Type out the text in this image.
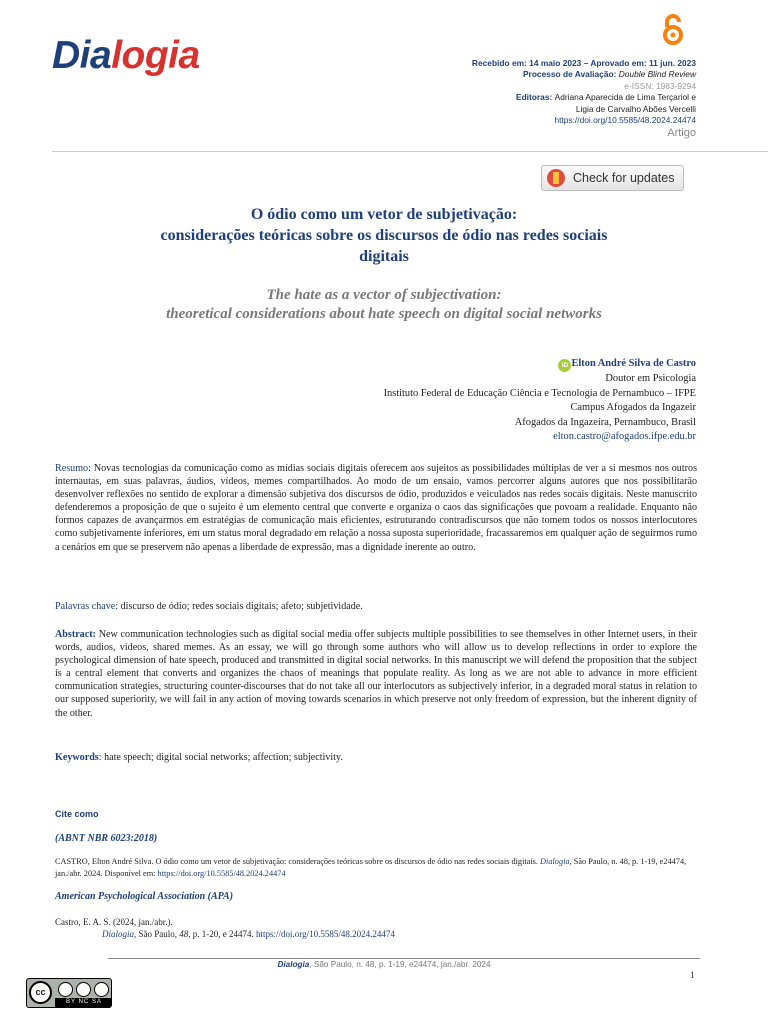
Dialogia	Recebido em: 14 maio 2023 – Aprovado em: 11 jun. 2023
Processo de Avaliação: Double Blind Review
e-ISSN: 1983-9294
Editoras: Adriana Aparecida de Lima Terçariol e
Ligia de Carvalho Abões Vercelli
https://doi.org/10.5585/48.2024.24474
Artigo
Check for updates
O ódio como um vetor de subjetivação:
considerações teóricas sobre os discursos de ódio nas redes sociais
digitais
The hate as a vector of subjectivation:
theoretical considerations about hate speech on digital social networks
iD Elton André Silva de Castro
Doutor em Psicologia
Instituto Federal de Educação Ciência e Tecnologia de Pernambuco – IFPE
Campus Afogados da Ingazeir
Afogados da Ingazeira, Pernambuco, Brasil
elton.castro@afogados.ifpe.edu.br
Resumo: Novas tecnologias da comunicação como as mídias sociais digitais oferecem aos sujeitos as possibilidades múltiplas de ver a si mesmos nos outros internautas, em suas palavras, áudios, vídeos, memes compartilhados. Ao modo de um ensaio, vamos percorrer alguns autores que nos possibilitarão desenvolver reflexões no sentido de explorar a dimensão subjetiva dos discursos de ódio, produzidos e veiculados nas redes socais digitais. Neste manuscrito defenderemos a proposição de que o sujeito é um elemento central que converte e organiza o caos das significações que povoam a realidade. Enquanto não formos capazes de avançarmos em estratégias de comunicação mais eficientes, estruturando contradiscursos que não tomem todos os nossos interlocutores como subjetivamente inferiores, em um status moral degradado em relação a nossa suposta superioridade, fracassaremos em qualquer ação de seguirmos rumo a cenários em que se preservem não apenas a liberdade de expressão, mas a dignidade inerente ao outro.
Palavras chave: discurso de ódio; redes sociais digitais; afeto; subjetividade.
Abstract: New communication technologies such as digital social media offer subjects multiple possibilities to see themselves in other Internet users, in their words, audios, videos, shared memes. As an essay, we will go through some authors who will allow us to develop reflections in order to explore the psychological dimension of hate speech, produced and transmitted in digital social networks. In this manuscript we will defend the proposition that the subject is a central element that converts and organizes the chaos of meanings that populate reality. As long as we are not able to advance in more efficient communication strategies, structuring counter-discourses that do not take all our interlocutors as subjectively inferior, in a degraded moral status in relation to our supposed superiority, we will fail in any action of moving towards scenarios in which preserve not only freedom of expression, but the inherent dignity of the other.
Keywords: hate speech; digital social networks; affection; subjectivity.
Cite como
(ABNT NBR 6023:2018)
CASTRO, Elton André Silva. O ódio como um vetor de subjetivação: considerações teóricas sobre os discursos de ódio nas redes sociais digitais. Dialogia, São Paulo, n. 48, p. 1-19, e24474, jan./abr. 2024. Disponível em: https://doi.org/10.5585/48.2024.24474
American Psychological Association (APA)
Castro, E. A. S. (2024, jan./abr.).
Dialogia, São Paulo, 48, p. 1-20, e 24474. https://doi.org/10.5585/48.2024.24474
Dialogia, São Paulo, n. 48, p. 1-19, e24474, jan./abr. 2024
1
cc
BY NC SA
